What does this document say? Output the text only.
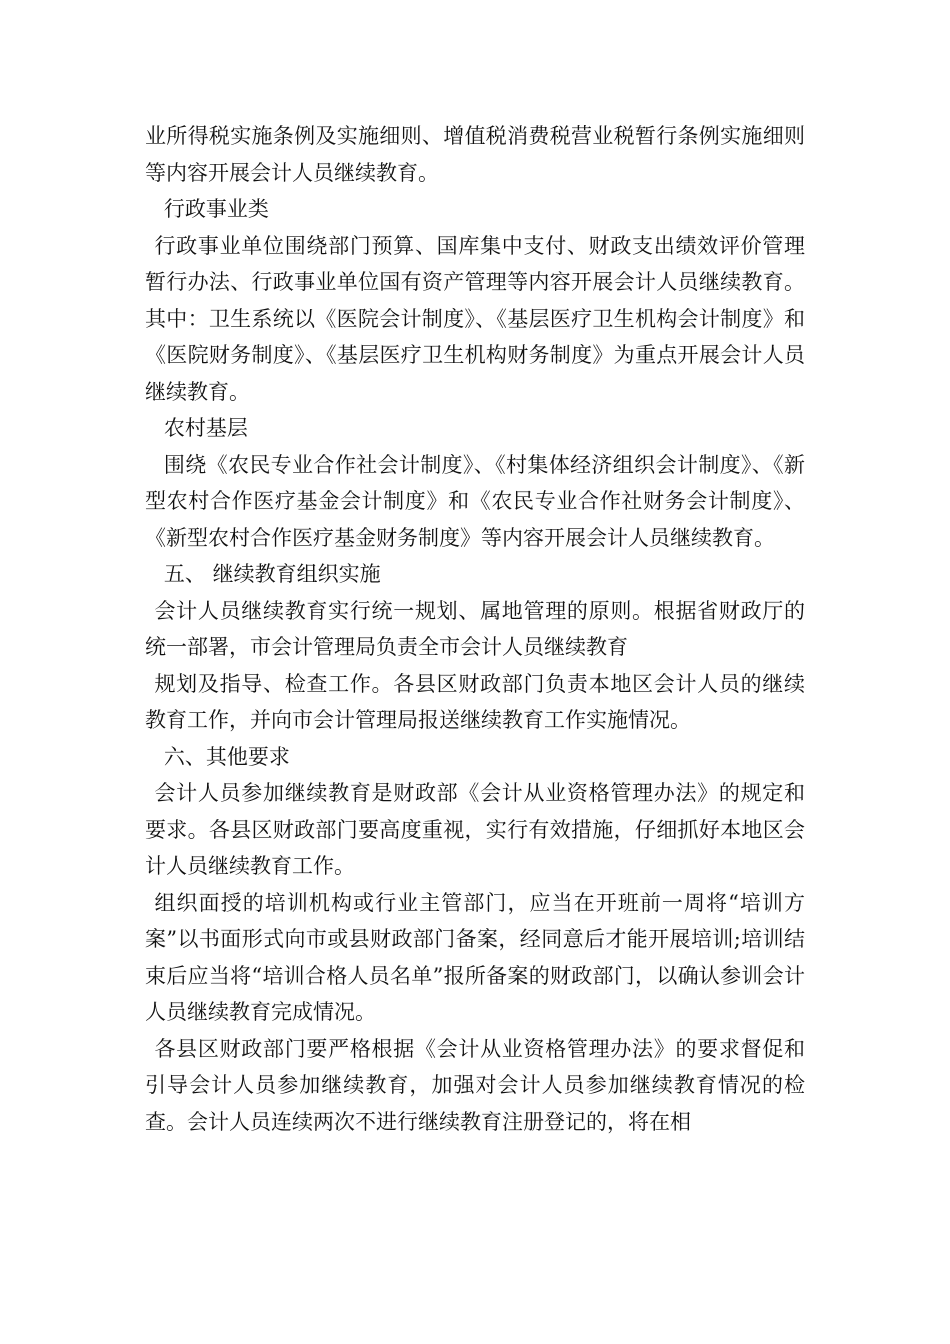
业所得税实施条例及实施细则、增值税消费税营业税暂行条例实施细则等内容开展会计人员继续教育。

行政事业类

行政事业单位围绕部门预算、国库集中支付、财政支出绩效评价管理暂行办法、行政事业单位国有资产管理等内容开展会计人员继续教育。其中：卫生系统以《医院会计制度》、《基层医疗卫生机构会计制度》和《医院财务制度》、《基层医疗卫生机构财务制度》为重点开展会计人员继续教育。

农村基层

围绕《农民专业合作社会计制度》、《村集体经济组织会计制度》、《新型农村合作医疗基金会计制度》和《农民专业合作社财务会计制度》、《新型农村合作医疗基金财务制度》等内容开展会计人员继续教育。

五、 继续教育组织实施

会计人员继续教育实行统一规划、属地管理的原则。根据省财政厅的统一部署，市会计管理局负责全市会计人员继续教育

规划及指导、检查工作。各县区财政部门负责本地区会计人员的继续教育工作，并向市会计管理局报送继续教育工作实施情况。

六、其他要求

会计人员参加继续教育是财政部《会计从业资格管理办法》的规定和要求。各县区财政部门要高度重视，实行有效措施，仔细抓好本地区会计人员继续教育工作。

组织面授的培训机构或行业主管部门，应当在开班前一周将“培训方案”以书面形式向市或县财政部门备案，经同意后才能开展培训;培训结束后应当将“培训合格人员名单”报所备案的财政部门，以确认参训会计人员继续教育完成情况。

各县区财政部门要严格根据《会计从业资格管理办法》的要求督促和引导会计人员参加继续教育，加强对会计人员参加继续教育情况的检查。会计人员连续两次不进行继续教育注册登记的，将在相
